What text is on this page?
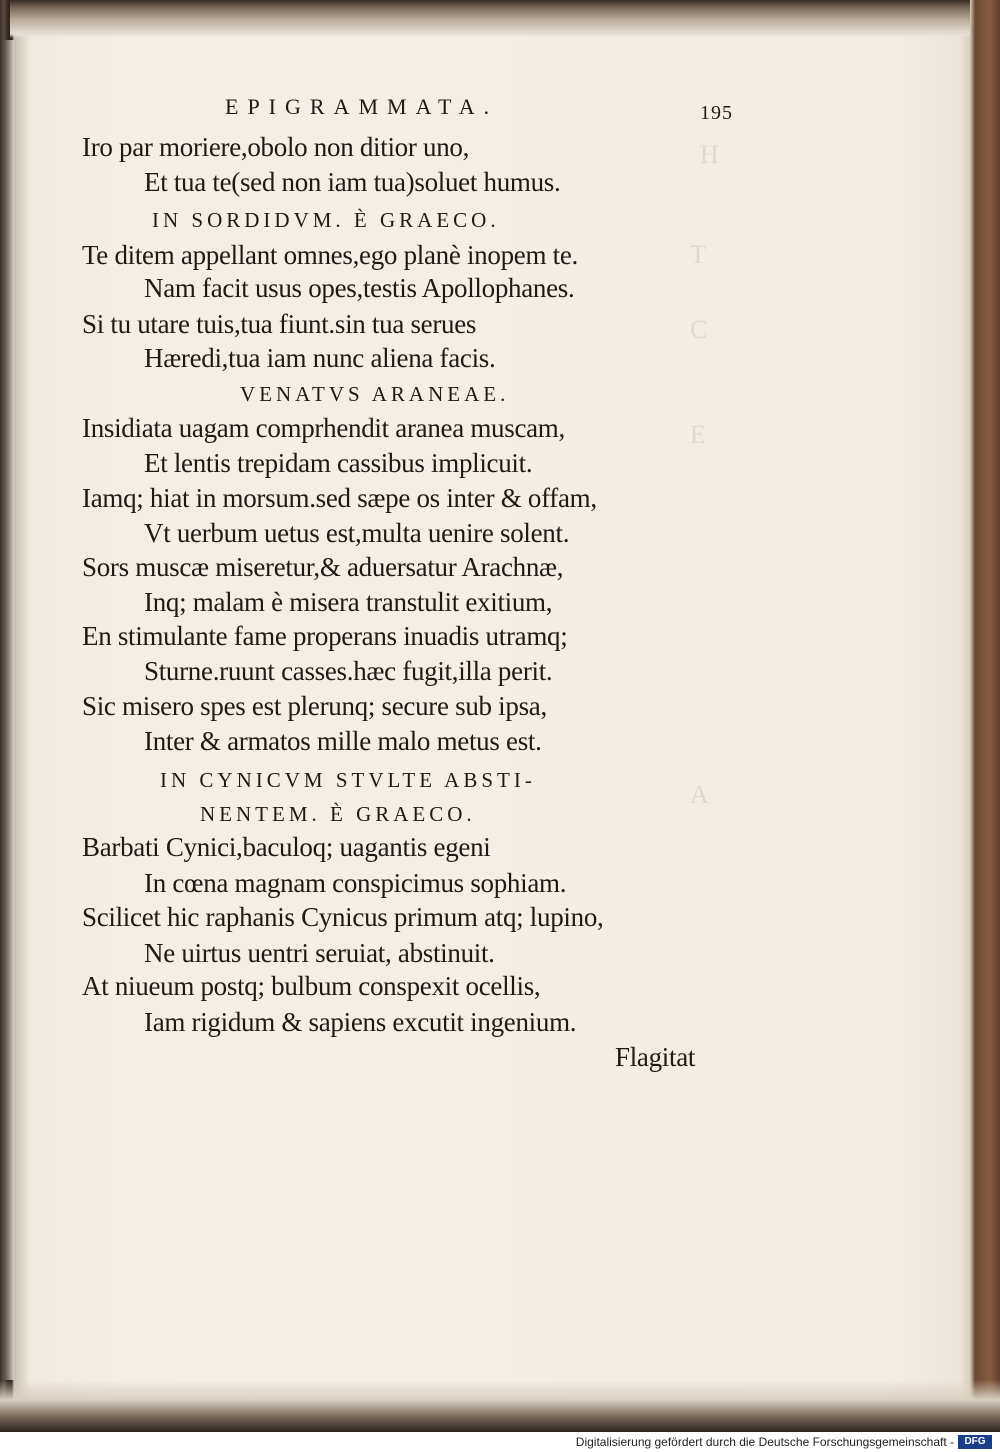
H
T
C
E
A
EPIGRAMMATA.	195
Iro par moriere,obolo non ditior uno,
Et tua te(sed non iam tua)soluet humus.
IN SORDIDVM. È GRAECO.
Te ditem appellant omnes,ego planè inopem te.
Nam facit usus opes,testis Apollophanes.
Si tu utare tuis,tua fiunt.sin tua serues
Hæredi,tua iam nunc aliena facis.
VENATVS ARANEAE.
Insidiata uagam comprhendit aranea muscam,
Et lentis trepidam cassibus implicuit.
Iamq; hiat in morsum.sed sæpe os inter & offam,
Vt uerbum uetus est,multa uenire solent.
Sors muscæ miseretur,& aduersatur Arachnæ,
Inq; malam è misera transtulit exitium,
En stimulante fame properans inuadis utramq;
Sturne.ruunt casses.hæc fugit,illa perit.
Sic misero spes est plerunq; secure sub ipsa,
Inter & armatos mille malo metus est.
IN CYNICVM STVLTE ABSTI-
NENTEM. È GRAECO.
Barbati Cynici,baculoq; uagantis egeni
In cœna magnam conspicimus sophiam.
Scilicet hic raphanis Cynicus primum atq; lupino,
Ne uirtus uentri seruiat, abstinuit.
At niueum postq; bulbum conspexit ocellis,
Iam rigidum & sapiens excutit ingenium.
Flagitat
Digitalisierung gefördert durch die Deutsche Forschungsgemeinschaft -	DFG
